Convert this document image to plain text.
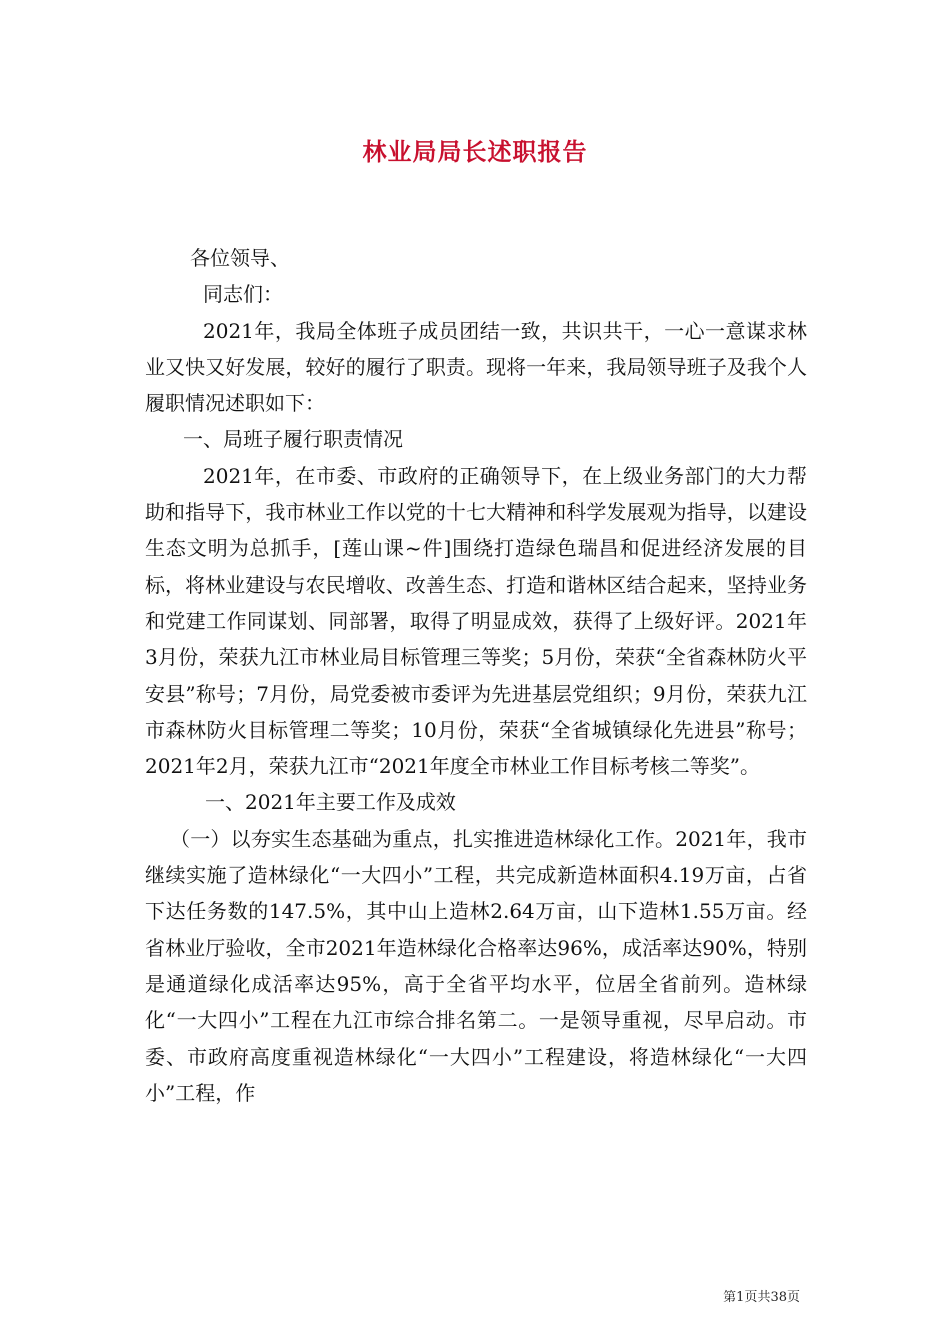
林业局局长述职报告

各位领导、

同志们：

2021年，我局全体班子成员团结一致，共识共干，一心一意谋求林业又快又好发展，较好的履行了职责。现将一年来，我局领导班子及我个人履职情况述职如下：

一、局班子履行职责情况

2021年，在市委、市政府的正确领导下，在上级业务部门的大力帮助和指导下，我市林业工作以党的十七大精神和科学发展观为指导，以建设生态文明为总抓手，[莲山课~件]围绕打造绿色瑞昌和促进经济发展的目标，将林业建设与农民增收、改善生态、打造和谐林区结合起来，坚持业务和党建工作同谋划、同部署，取得了明显成效，获得了上级好评。2021年3月份，荣获九江市林业局目标管理三等奖；5月份，荣获“全省森林防火平安县”称号；7月份，局党委被市委评为先进基层党组织；9月份，荣获九江市森林防火目标管理二等奖；10月份，荣获“全省城镇绿化先进县”称号；2021年2月，荣获九江市“2021年度全市林业工作目标考核二等奖”。

一、2021年主要工作及成效

（一）以夯实生态基础为重点，扎实推进造林绿化工作。2021年，我市继续实施了造林绿化“一大四小”工程，共完成新造林面积4.19万亩，占省下达任务数的147.5%，其中山上造林2.64万亩，山下造林1.55万亩。经省林业厅验收，全市2021年造林绿化合格率达96%，成活率达90%，特别是通道绿化成活率达95%，高于全省平均水平，位居全省前列。造林绿化“一大四小”工程在九江市综合排名第二。一是领导重视，尽早启动。市委、市政府高度重视造林绿化“一大四小”工程建设，将造林绿化“一大四小”工程，作

第1页共38页
